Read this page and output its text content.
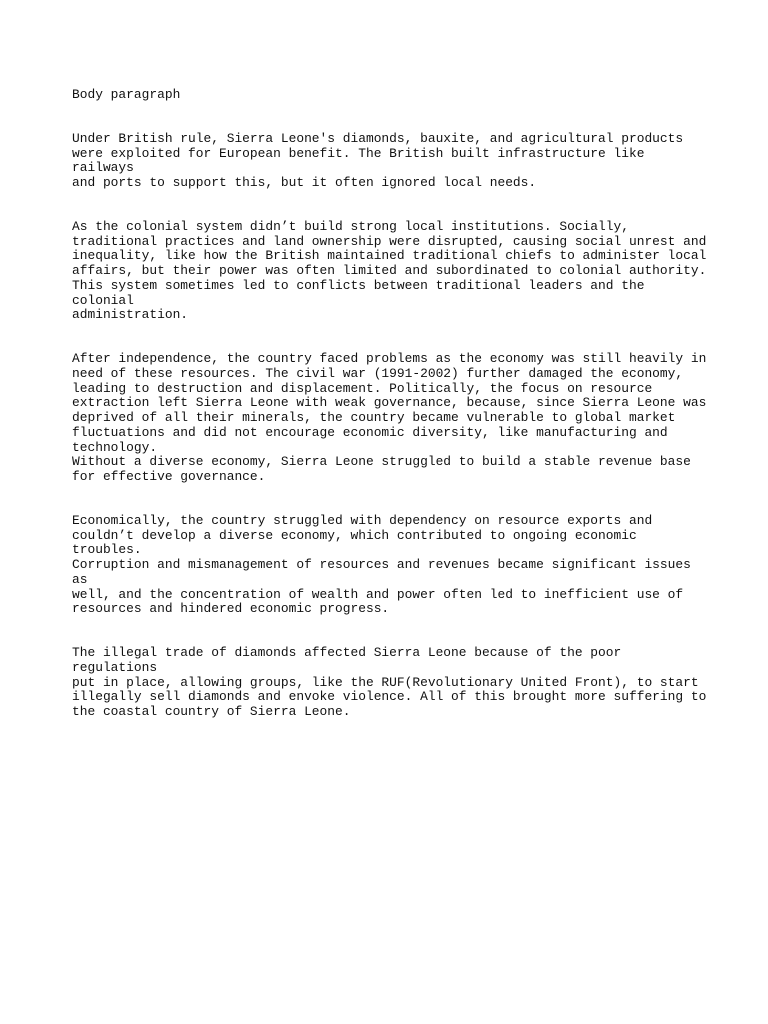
Body paragraph

Under British rule, Sierra Leone's diamonds, bauxite, and agricultural products
were exploited for European benefit. The British built infrastructure like railways
and ports to support this, but it often ignored local needs.

As the colonial system didn’t build strong local institutions. Socially,
traditional practices and land ownership were disrupted, causing social unrest and
inequality, like how the British maintained traditional chiefs to administer local
affairs, but their power was often limited and subordinated to colonial authority.
This system sometimes led to conflicts between traditional leaders and the colonial
administration.

After independence, the country faced problems as the economy was still heavily in
need of these resources. The civil war (1991-2002) further damaged the economy,
leading to destruction and displacement. Politically, the focus on resource
extraction left Sierra Leone with weak governance, because, since Sierra Leone was
deprived of all their minerals, the country became vulnerable to global market
fluctuations and did not encourage economic diversity, like manufacturing and
technology.
Without a diverse economy, Sierra Leone struggled to build a stable revenue base
for effective governance.

Economically, the country struggled with dependency on resource exports and
couldn’t develop a diverse economy, which contributed to ongoing economic troubles.
Corruption and mismanagement of resources and revenues became significant issues as
well, and the concentration of wealth and power often led to inefficient use of
resources and hindered economic progress.

The illegal trade of diamonds affected Sierra Leone because of the poor regulations
put in place, allowing groups, like the RUF(Revolutionary United Front), to start
illegally sell diamonds and envoke violence. All of this brought more suffering to
the coastal country of Sierra Leone.
